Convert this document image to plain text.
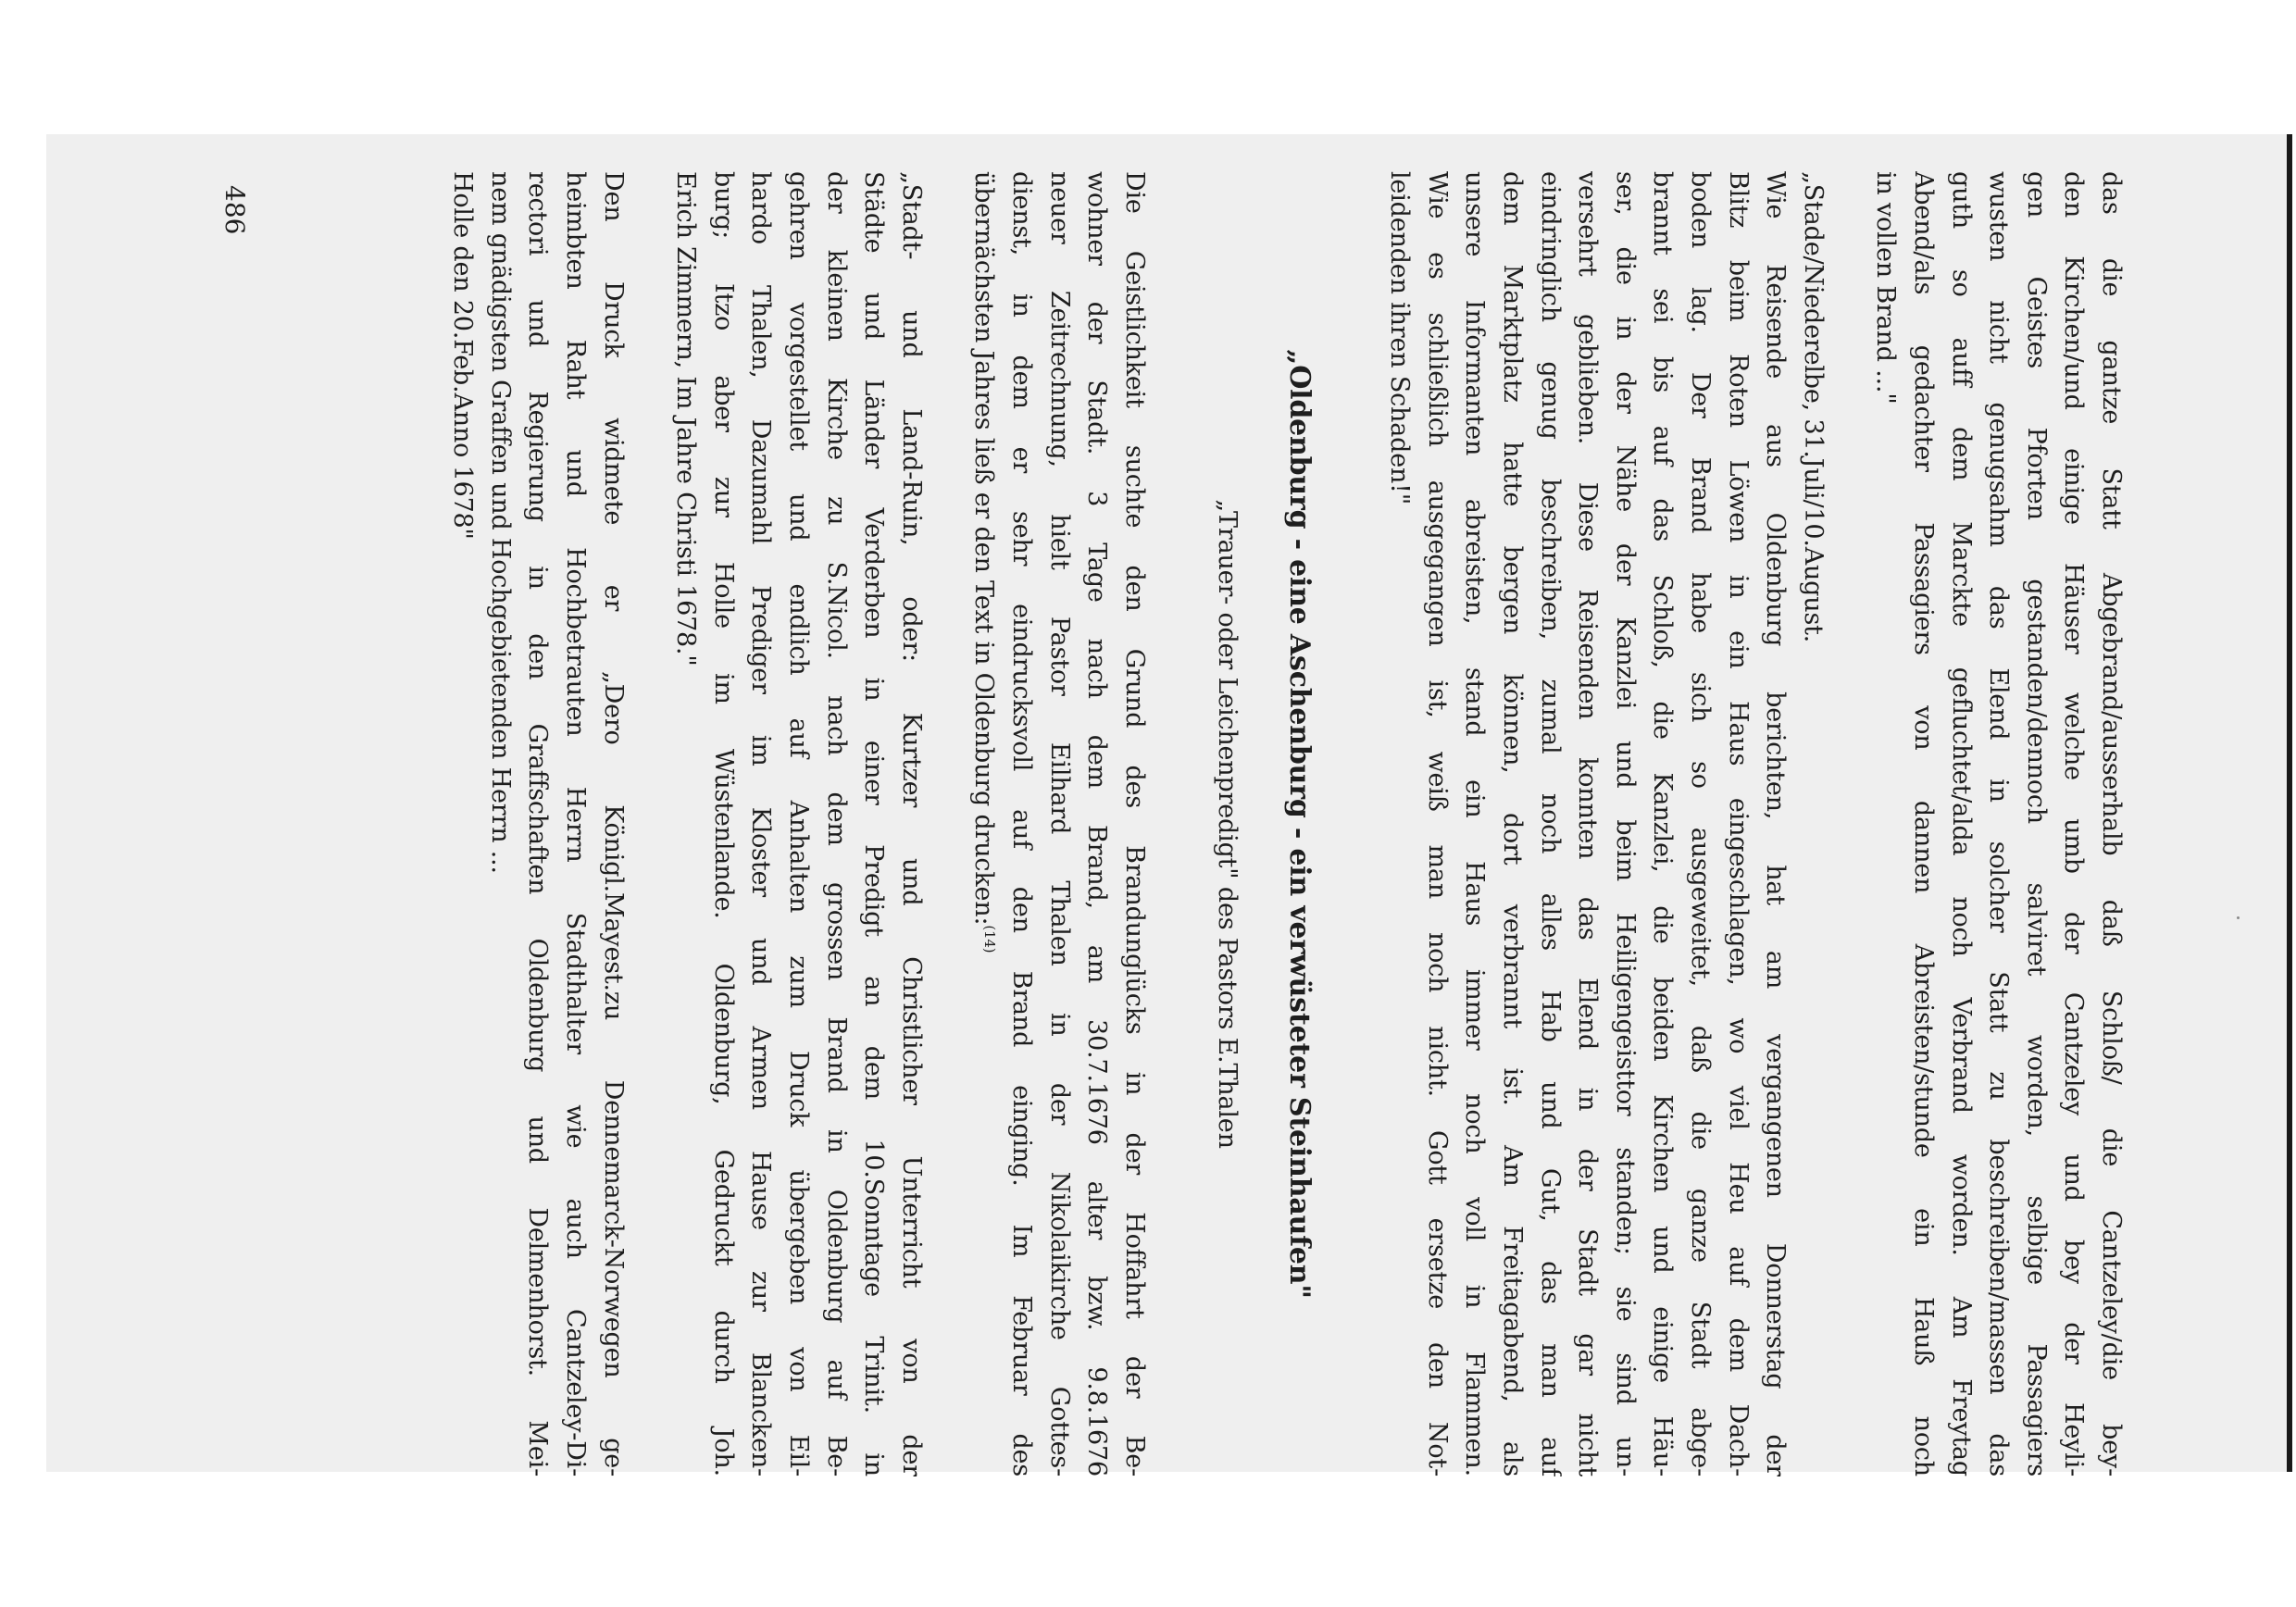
das die gantze Statt Abgebrand/ausserhalb daß Schloß/ die Cantzeley/die bey-
den Kirchen/und einige Häuser welche umb der Cantzeley und bey der Heyli-
gen Geistes Pforten gestanden/dennoch salviret worden, selbige Passagiers
wusten nicht genugsahm das Elend in solcher Statt zu beschreiben/massen das
guth so auff dem Marckte gefluchtet/alda noch Verbrand worden. Am Freytag
Abend/als gedachter Passagiers von dannen Abreisten/stunde ein Hauß noch
in vollen Brand ..."

„Stade/Niederelbe, 31.Juli/10.August.
Wie Reisende aus Oldenburg berichten, hat am vergangenen Donnerstag der
Blitz beim Roten Löwen in ein Haus eingeschlagen, wo viel Heu auf dem Dach-
boden lag. Der Brand habe sich so ausgeweitet, daß die ganze Stadt abge-
brannt sei bis auf das Schloß, die Kanzlei, die beiden Kirchen und einige Häu-
ser, die in der Nähe der Kanzlei und beim Heiligengeisttor standen; sie sind un-
versehrt geblieben. Diese Reisenden konnten das Elend in der Stadt gar nicht
eindringlich genug beschreiben, zumal noch alles Hab und Gut, das man auf
dem Marktplatz hatte bergen können, dort verbrannt ist. Am Freitagabend, als
unsere Informanten abreisten, stand ein Haus immer noch voll in Flammen.
Wie es schließlich ausgegangen ist, weiß man noch nicht. Gott ersetze den Not-
leidenden ihren Schaden!"

„Oldenburg - eine Aschenburg - ein verwüsteter Steinhaufen"
„Trauer- oder Leichenpredigt" des Pastors E.Thalen

Die Geistlichkeit suchte den Grund des Brandunglücks in der Hoffahrt der Be-
wohner der Stadt. 3 Tage nach dem Brand, am 30.7.1676 alter bzw. 9.8.1676
neuer Zeitrechnung, hielt Pastor Eilhard Thalen in der Nikolaikirche Gottes-
dienst, in dem er sehr eindrucksvoll auf den Brand einging. Im Februar des
übernächsten Jahres ließ er den Text in Oldenburg drucken:$^{(14)}$

„Stadt- und Land-Ruin, oder: Kurtzer und Christlicher Unterricht von der
Städte und Länder Verderben in einer Predigt an dem 10.Sonntage Trinit. in
der kleinen Kirche zu S.Nicol. nach dem grossen Brand in Oldenburg auf Be-
gehren vorgestellet und endlich auf Anhalten zum Druck übergeben von Eil-
hardo Thalen, Dazumahl Prediger im Kloster und Armen Hause zur Blancken-
burg; Itzo aber zur Holle im Wüstenlande. Oldenburg, Gedruckt durch Joh.
Erich Zimmern, Im Jahre Christi 1678."

Den Druck widmete er „Dero Königl.Mayest.zu Dennemarck-Norwegen ge-
heimbten Raht und Hochbetrauten Herrn Stadthalter wie auch Cantzeley-Di-
rectori und Regierung in den Graffschaften Oldenburg und Delmenhorst. Mei-
nem gnädigsten Graffen und Hochgebietenden Herrn ...
Holle den 20.Feb.Anno 1678"

486
